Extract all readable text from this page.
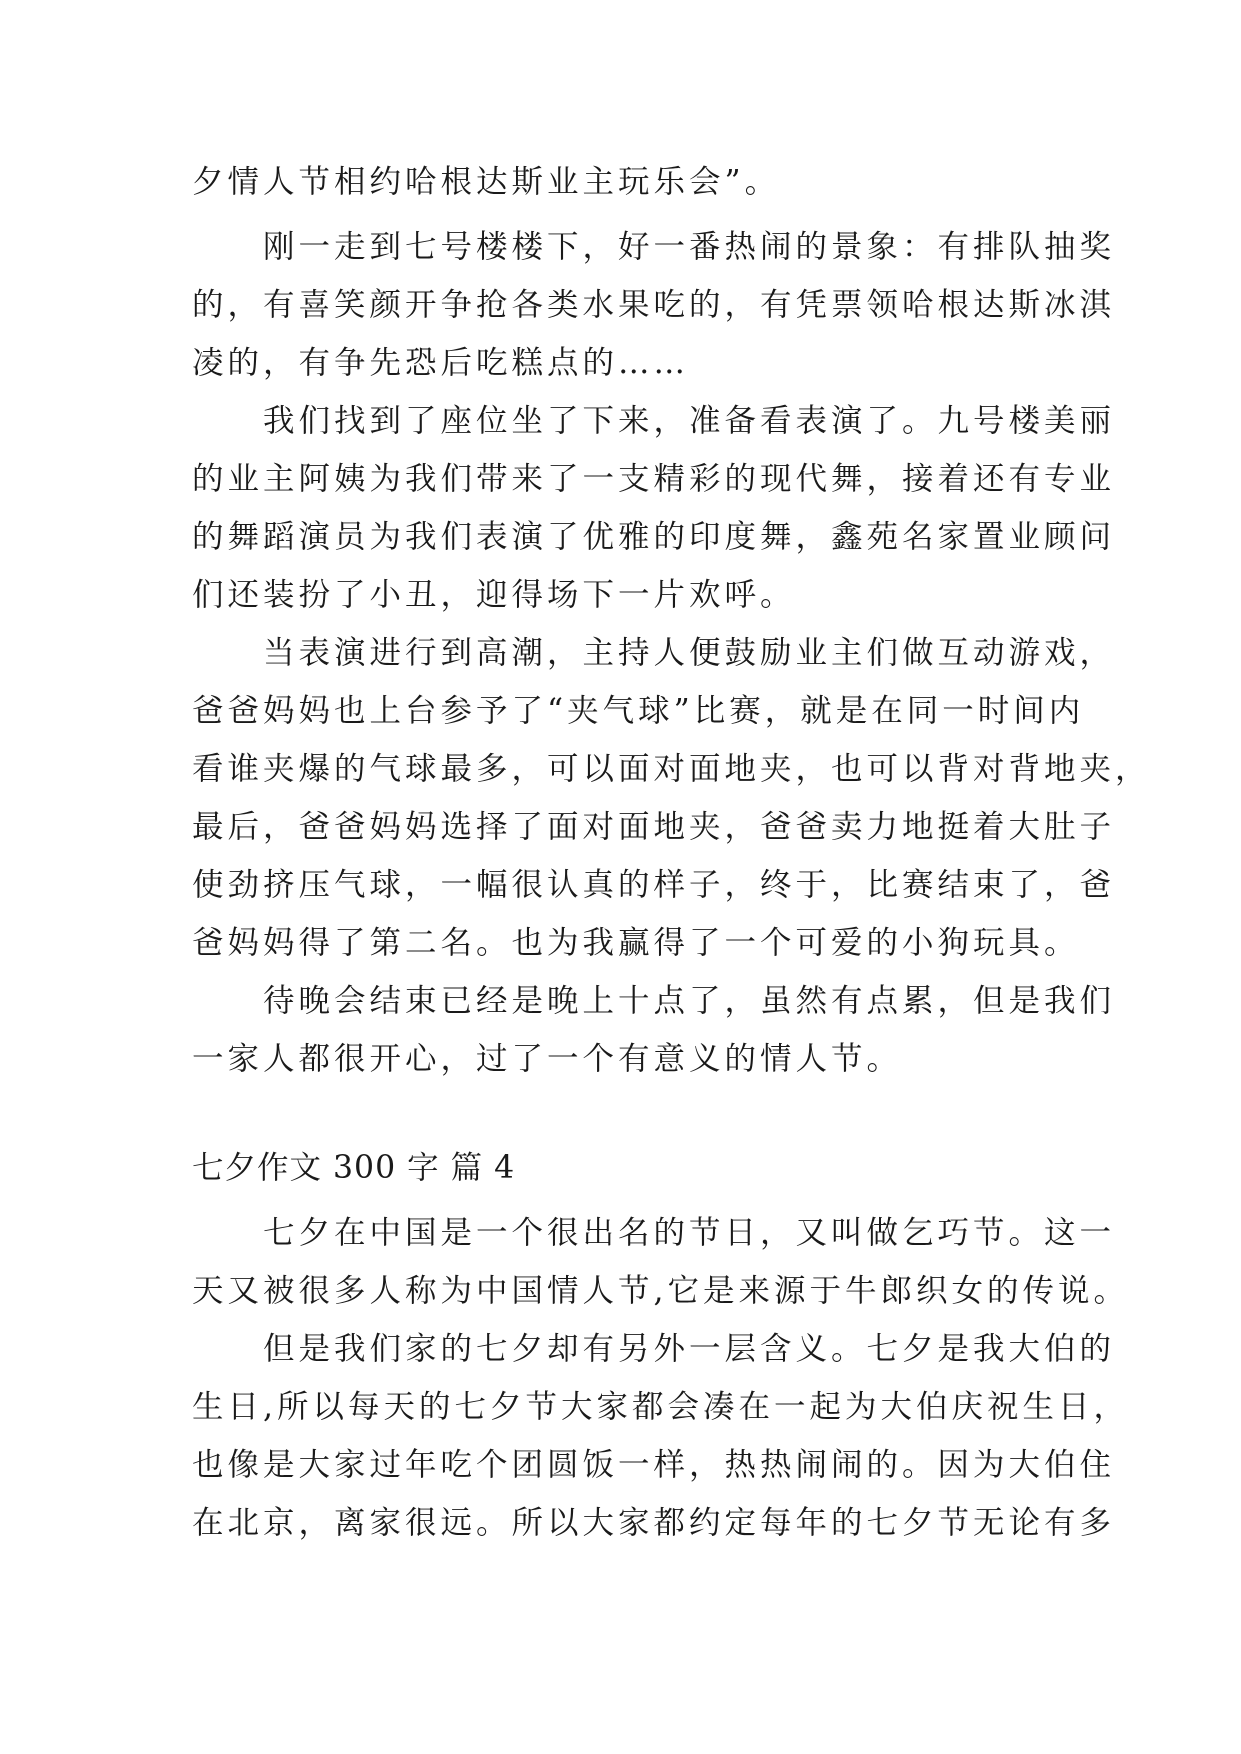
夕情人节相约哈根达斯业主玩乐会”。
　　刚一走到七号楼楼下，好一番热闹的景象：有排队抽奖
的，有喜笑颜开争抢各类水果吃的，有凭票领哈根达斯冰淇
凌的，有争先恐后吃糕点的……
　　我们找到了座位坐了下来，准备看表演了。九号楼美丽
的业主阿姨为我们带来了一支精彩的现代舞，接着还有专业
的舞蹈演员为我们表演了优雅的印度舞，鑫苑名家置业顾问
们还装扮了小丑，迎得场下一片欢呼。
　　当表演进行到高潮，主持人便鼓励业主们做互动游戏，
爸爸妈妈也上台参予了“夹气球”比赛，就是在同一时间内
看谁夹爆的气球最多，可以面对面地夹，也可以背对背地夹，
最后，爸爸妈妈选择了面对面地夹，爸爸卖力地挺着大肚子
使劲挤压气球，一幅很认真的样子，终于，比赛结束了，爸
爸妈妈得了第二名。也为我赢得了一个可爱的小狗玩具。
　　待晚会结束已经是晚上十点了，虽然有点累，但是我们
一家人都很开心，过了一个有意义的情人节。
七夕作文 300 字 篇 4
　　七夕在中国是一个很出名的节日，又叫做乞巧节。这一
天又被很多人称为中国情人节,它是来源于牛郎织女的传说。
　　但是我们家的七夕却有另外一层含义。七夕是我大伯的
生日,所以每天的七夕节大家都会凑在一起为大伯庆祝生日，
也像是大家过年吃个团圆饭一样，热热闹闹的。因为大伯住
在北京，离家很远。所以大家都约定每年的七夕节无论有多
